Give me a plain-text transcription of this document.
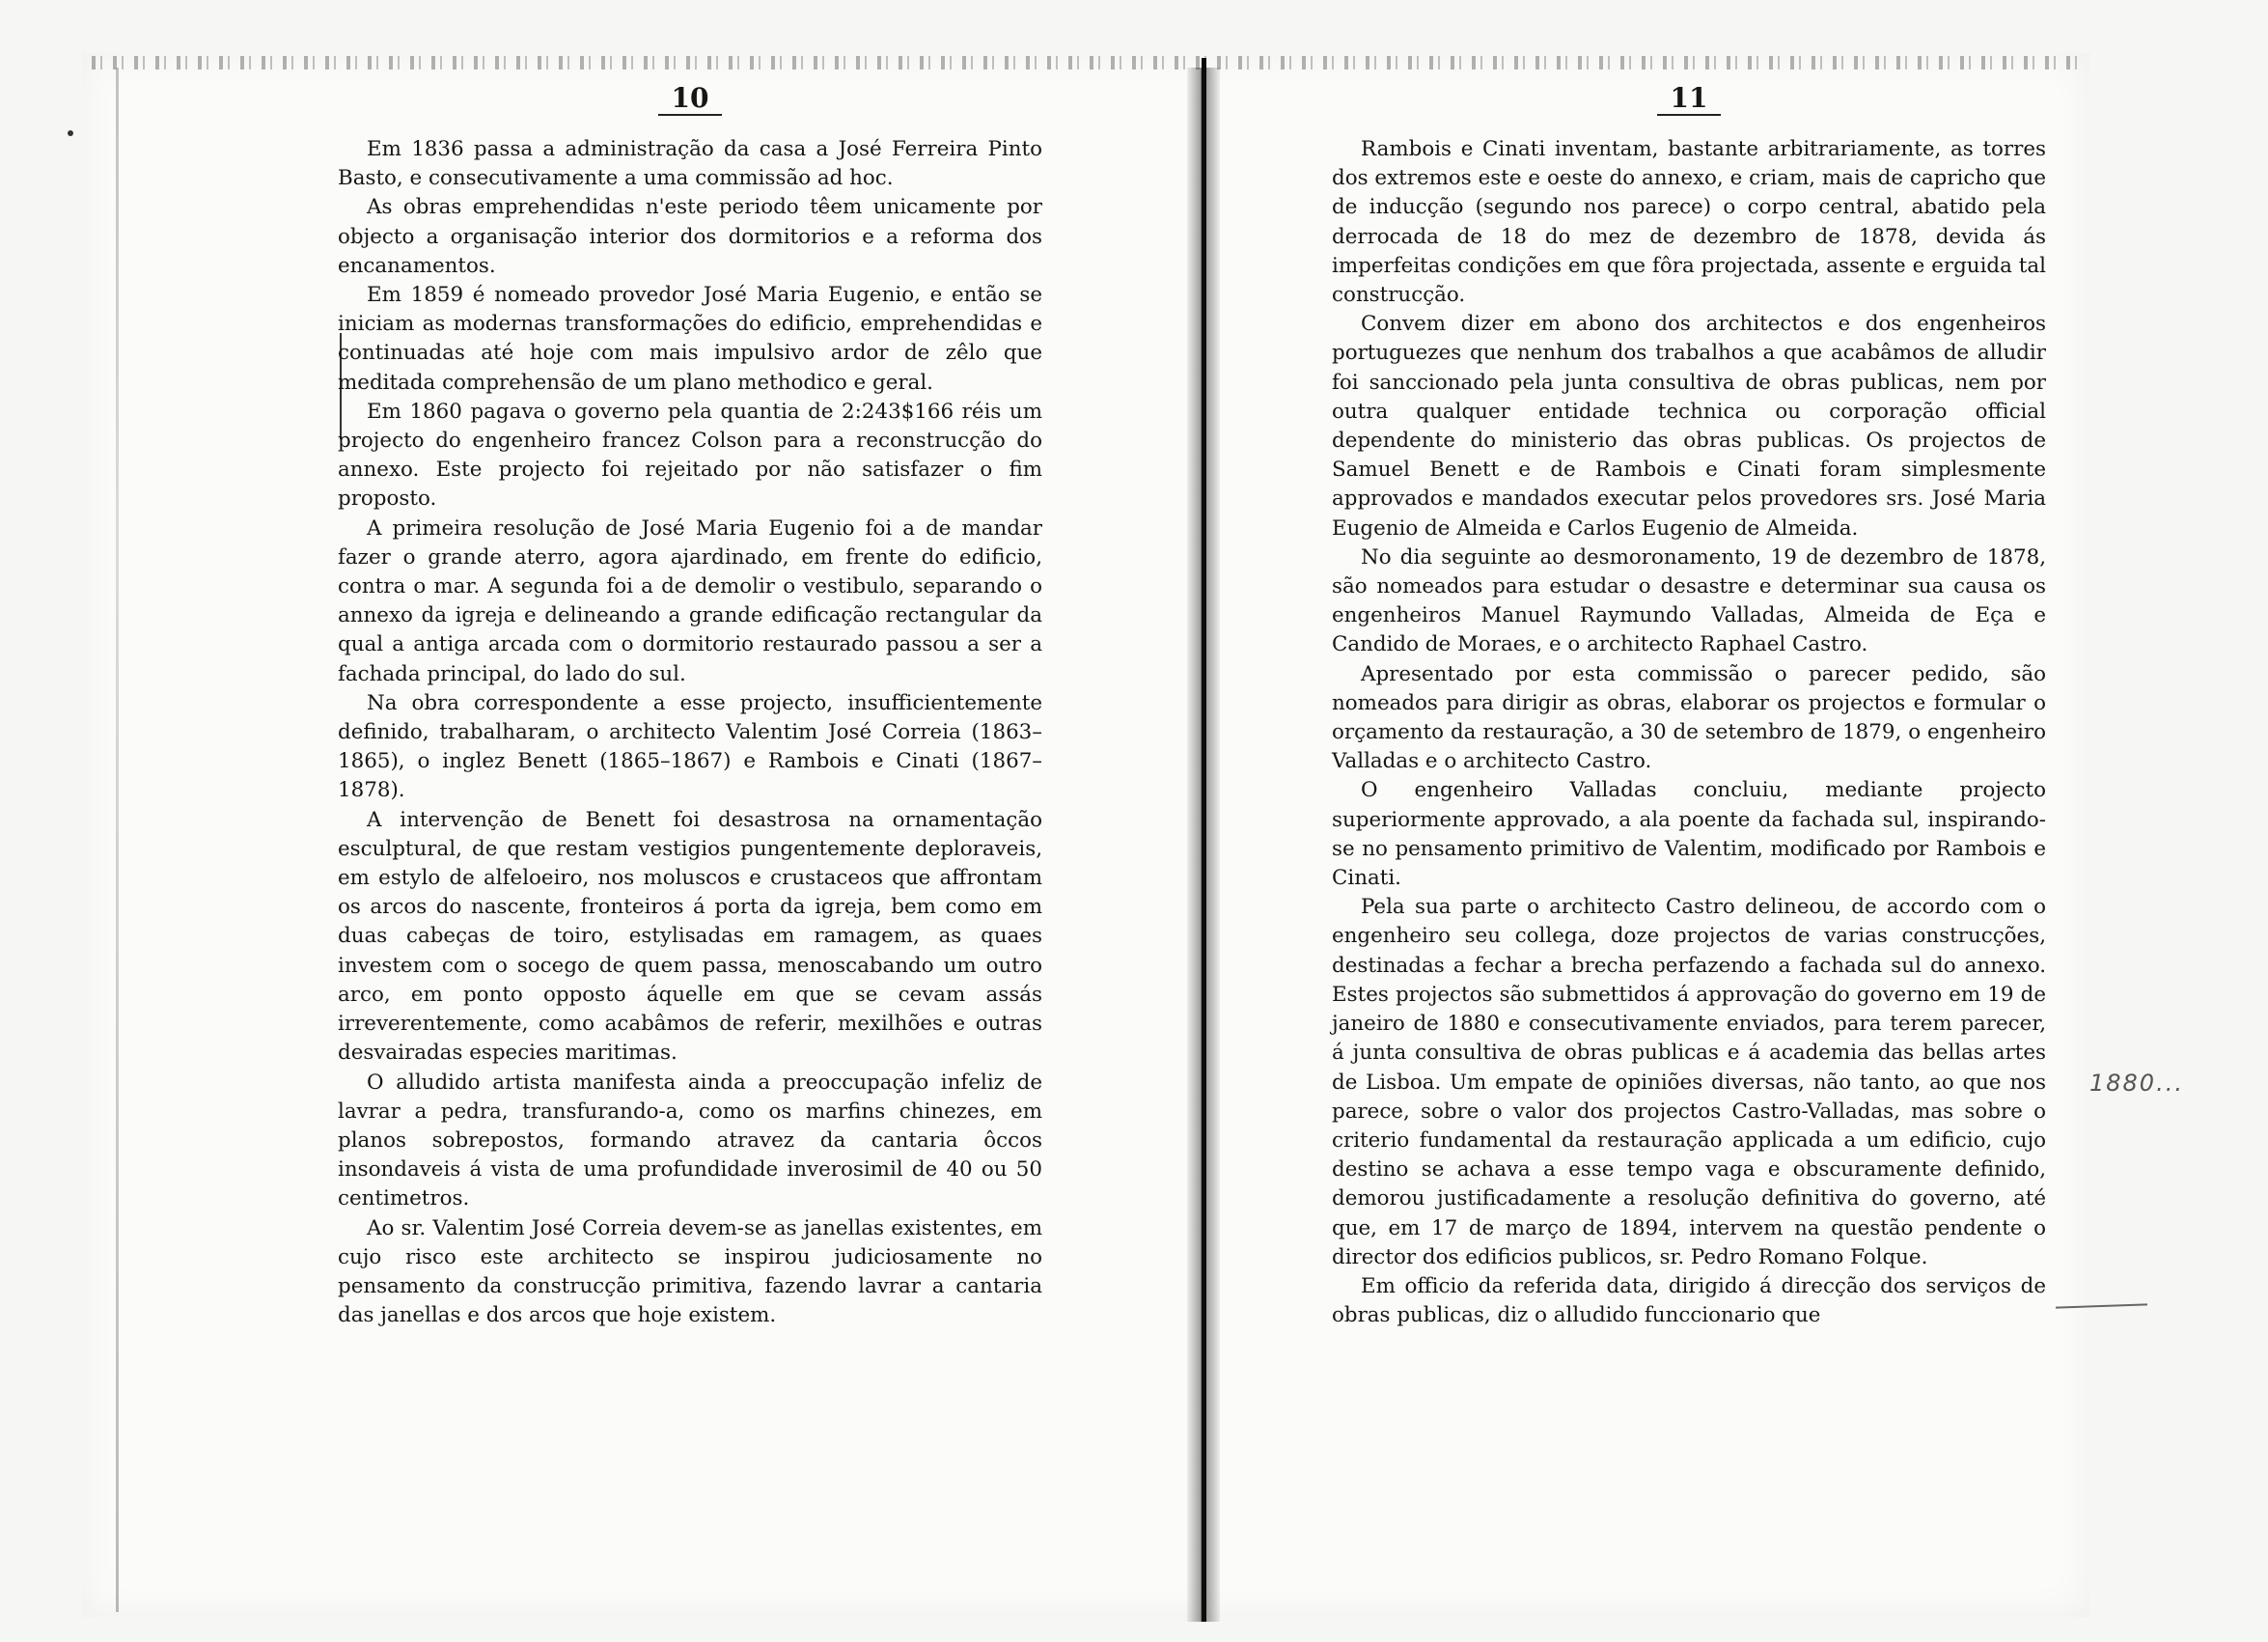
10

Em 1836 passa a administração da casa a José Ferreira Pinto Basto, e consecutivamente a uma commissão ad hoc.

As obras emprehendidas n'este periodo têem unicamente por objecto a organisação interior dos dormitorios e a reforma dos encanamentos.

Em 1859 é nomeado provedor José Maria Eugenio, e então se iniciam as modernas transformações do edificio, emprehendidas e continuadas até hoje com mais impulsivo ardor de zêlo que meditada comprehensão de um plano methodico e geral.

Em 1860 pagava o governo pela quantia de 2:243$166 réis um projecto do engenheiro francez Colson para a reconstrucção do annexo. Este projecto foi rejeitado por não satisfazer o fim proposto.

A primeira resolução de José Maria Eugenio foi a de mandar fazer o grande aterro, agora ajardinado, em frente do edificio, contra o mar. A segunda foi a de demolir o vestibulo, separando o annexo da igreja e delineando a grande edificação rectangular da qual a antiga arcada com o dormitorio restaurado passou a ser a fachada principal, do lado do sul.

Na obra correspondente a esse projecto, insufficientemente definido, trabalharam, o architecto Valentim José Correia (1863–1865), o inglez Benett (1865–1867) e Rambois e Cinati (1867–1878).

A intervenção de Benett foi desastrosa na ornamentação esculptural, de que restam vestigios pungentemente deploraveis, em estylo de alfeloeiro, nos moluscos e crustaceos que affrontam os arcos do nascente, fronteiros á porta da igreja, bem como em duas cabeças de toiro, estylisadas em ramagem, as quaes investem com o socego de quem passa, menoscabando um outro arco, em ponto opposto áquelle em que se cevam assás irreverentemente, como acabâmos de referir, mexilhões e outras desvairadas especies maritimas.

O alludido artista manifesta ainda a preoccupação infeliz de lavrar a pedra, transfurando-a, como os marfins chinezes, em planos sobrepostos, formando atravez da cantaria ôccos insondaveis á vista de uma profundidade inverosimil de 40 ou 50 centimetros.

Ao sr. Valentim José Correia devem-se as janellas existentes, em cujo risco este architecto se inspirou judiciosamente no pensamento da construcção primitiva, fazendo lavrar a cantaria das janellas e dos arcos que hoje existem.

11

Rambois e Cinati inventam, bastante arbitrariamente, as torres dos extremos este e oeste do annexo, e criam, mais de capricho que de inducção (segundo nos parece) o corpo central, abatido pela derrocada de 18 do mez de dezembro de 1878, devida ás imperfeitas condições em que fôra projectada, assente e erguida tal construcção.

Convem dizer em abono dos architectos e dos engenheiros portuguezes que nenhum dos trabalhos a que acabâmos de alludir foi sanccionado pela junta consultiva de obras publicas, nem por outra qualquer entidade technica ou corporação official dependente do ministerio das obras publicas. Os projectos de Samuel Benett e de Rambois e Cinati foram simplesmente approvados e mandados executar pelos provedores srs. José Maria Eugenio de Almeida e Carlos Eugenio de Almeida.

No dia seguinte ao desmoronamento, 19 de dezembro de 1878, são nomeados para estudar o desastre e determinar sua causa os engenheiros Manuel Raymundo Valladas, Almeida de Eça e Candido de Moraes, e o architecto Raphael Castro.

Apresentado por esta commissão o parecer pedido, são nomeados para dirigir as obras, elaborar os projectos e formular o orçamento da restauração, a 30 de setembro de 1879, o engenheiro Valladas e o architecto Castro.

O engenheiro Valladas concluiu, mediante projecto superiormente approvado, a ala poente da fachada sul, inspirando-se no pensamento primitivo de Valentim, modificado por Rambois e Cinati.

Pela sua parte o architecto Castro delineou, de accordo com o engenheiro seu collega, doze projectos de varias construcções, destinadas a fechar a brecha perfazendo a fachada sul do annexo. Estes projectos são submettidos á approvação do governo em 19 de janeiro de 1880 e consecutivamente enviados, para terem parecer, á junta consultiva de obras publicas e á academia das bellas artes de Lisboa. Um empate de opiniões diversas, não tanto, ao que nos parece, sobre o valor dos projectos Castro-Valladas, mas sobre o criterio fundamental da restauração applicada a um edificio, cujo destino se achava a esse tempo vaga e obscuramente definido, demorou justificadamente a resolução definitiva do governo, até que, em 17 de março de 1894, intervem na questão pendente o director dos edificios publicos, sr. Pedro Romano Folque.

Em officio da referida data, dirigido á direcção dos serviços de obras publicas, diz o alludido funccionario que

1880...
